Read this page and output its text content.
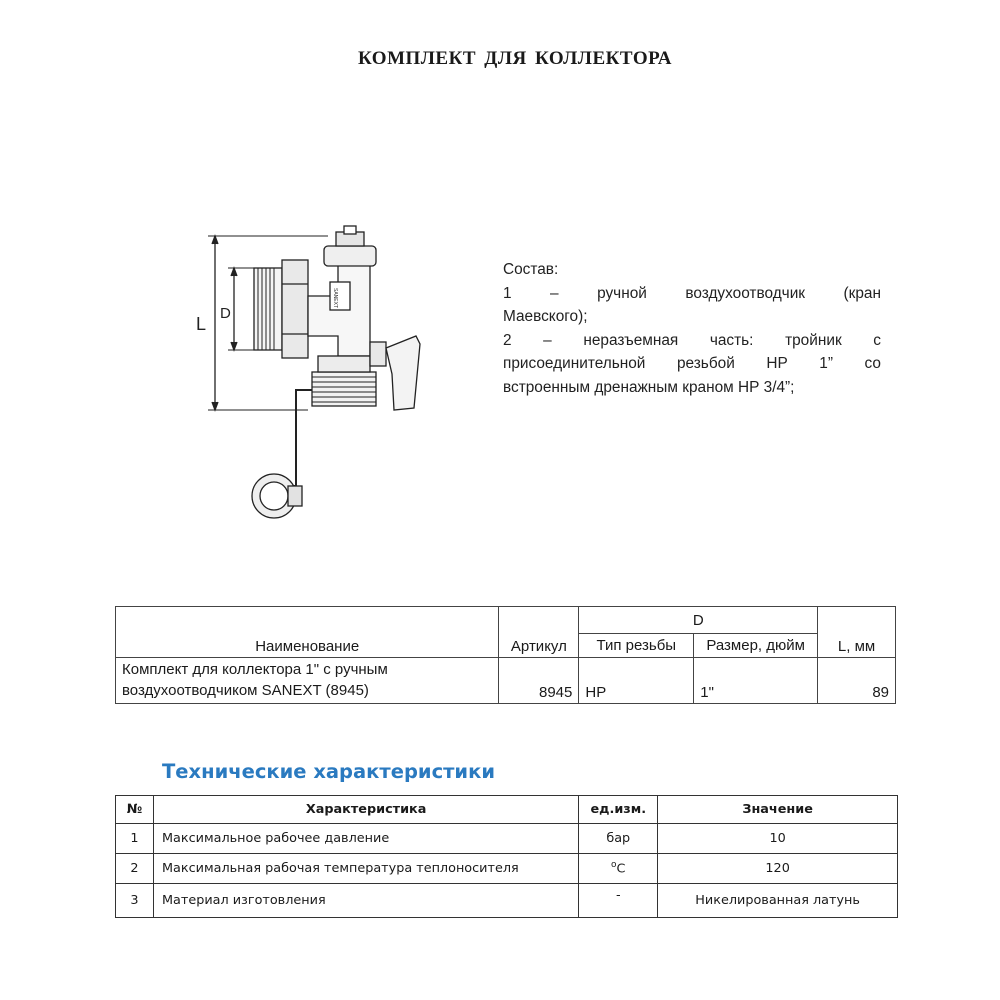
КОМПЛЕКТ ДЛЯ КОЛЛЕКТОРА
L
D
SANEXT
Состав:
1 – ручной воздухоотводчик (кран
Маевского);
2 – неразъемная часть: тройник с
присоединительной резьбой НР 1” со
встроенным дренажным краном НР 3/4”;
Наименование	Артикул	D		L, мм
		Тип резьбы	Размер, дюйм	

Комплект для коллектора 1" с ручным
воздухоотводчиком SANEXT (8945)	8945	НР	1"	89
Технические характеристики
№	Характеристика	ед.изм.	Значение
1	Максимальное рабочее давление	бар	10
2	Максимальная рабочая температура теплоносителя	$^о$С	120
3	Материал изготовления	-	Никелированная латунь
